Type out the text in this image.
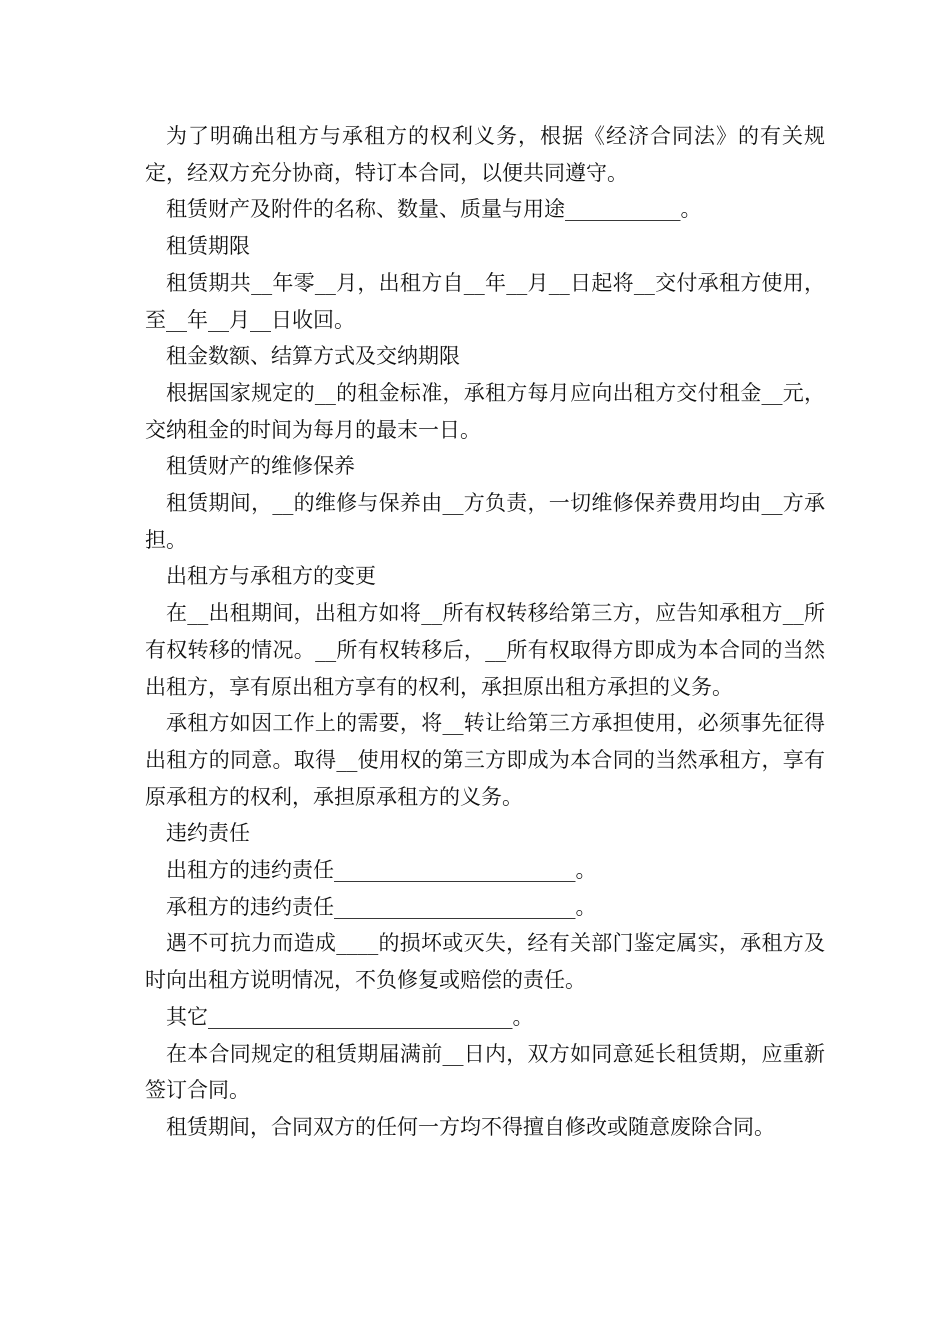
为了明确出租方与承租方的权利义务，根据《经济合同法》的有关规定，经双方充分协商，特订本合同，以便共同遵守。

租赁财产及附件的名称、数量、质量与用途___________。

租赁期限

租赁期共__年零__月，出租方自__年__月__日起将__交付承租方使用，至__年__月__日收回。

租金数额、结算方式及交纳期限

根据国家规定的__的租金标准，承租方每月应向出租方交付租金__元，交纳租金的时间为每月的最末一日。

租赁财产的维修保养

租赁期间，__的维修与保养由__方负责，一切维修保养费用均由__方承担。

出租方与承租方的变更

在__出租期间，出租方如将__所有权转移给第三方，应告知承租方__所有权转移的情况。__所有权转移后，__所有权取得方即成为本合同的当然出租方，享有原出租方享有的权利，承担原出租方承担的义务。

承租方如因工作上的需要，将__转让给第三方承担使用，必须事先征得出租方的同意。取得__使用权的第三方即成为本合同的当然承租方，享有原承租方的权利，承担原承租方的义务。

违约责任

出租方的违约责任_______________________。

承租方的违约责任_______________________。

遇不可抗力而造成____的损坏或灭失，经有关部门鉴定属实，承租方及时向出租方说明情况，不负修复或赔偿的责任。

其它_____________________________。

在本合同规定的租赁期届满前__日内，双方如同意延长租赁期，应重新签订合同。

租赁期间，合同双方的任何一方均不得擅自修改或随意废除合同。
